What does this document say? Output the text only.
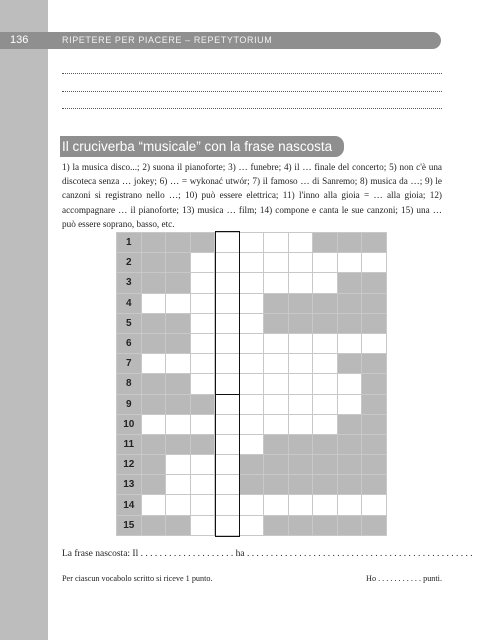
136	RIPETERE PER PIACERE – REPETYTORIUM
Il cruciverba “musicale” con la frase nascosta
1) la musica disco...; 2) suona il pianoforte; 3) … funebre; 4) il … finale del concerto; 5) non c'è una discoteca senza … jokey; 6) … = wykonać utwór; 7) il famoso … di Sanremo; 8) musica da …; 9) le canzoni si registrano nello …; 10) può essere elettrica; 11) l'inno alla gioia = … alla gioia; 12) accompagnare … il pianoforte; 13) musica … film; 14) compone e canta le sue canzoni; 15) una … può essere soprano, basso, etc.
1
2
3
4
5
6
7
8
9
10
11
12
13
14
15
La frase nascosta: Il . . . . . . . . . . . . . . . . . . . . ha . . . . . . . . . . . . . . . . . . . . . . . . . . . . . . . . . . . . . . . . . . . . . . . .
Per ciascun vocabolo scritto si riceve 1 punto.	Ho . . . . . . . . . . . punti.
